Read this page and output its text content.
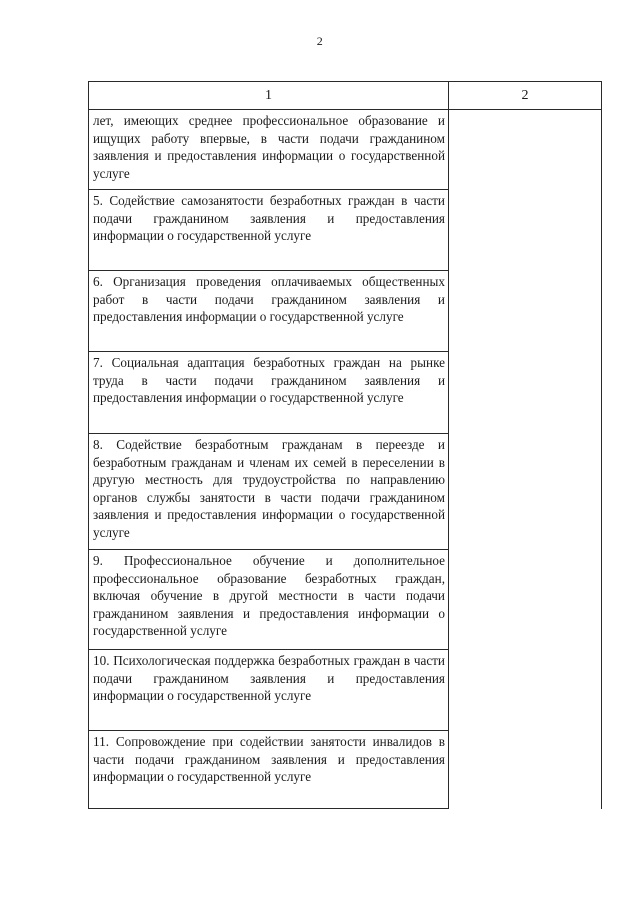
2
1	2

лет, имеющих среднее профессиональное образование и ищущих работу впервые, в части подачи гражданином заявления и предоставления информации о государственной услуге	

5. Содействие самозанятости безработных граждан в части подачи гражданином заявления и предоставления информации о государственной услуге	

6. Организация проведения оплачиваемых общественных работ в части подачи гражданином заявления и предоставления информации о государственной услуге	

7. Социальная адаптация безработных граждан на рынке труда в части подачи гражданином заявления и предоставления информации о государственной услуге	

8. Содействие безработным гражданам в переезде и безработным гражданам и членам их семей в переселении в другую местность для трудоустройства по направлению органов службы занятости в части подачи гражданином заявления и предоставления информации о государственной услуге	

9. Профессиональное обучение и дополнительное профессиональное образование безработных граждан, включая обучение в другой местности в части подачи гражданином заявления и предоставления информации о государственной услуге	

10. Психологическая поддержка безработных граждан в части подачи гражданином заявления и предоставления информации о государственной услуге	

11. Сопровождение при содействии занятости инвалидов в части подачи гражданином заявления и предоставления информации о государственной услуге	
